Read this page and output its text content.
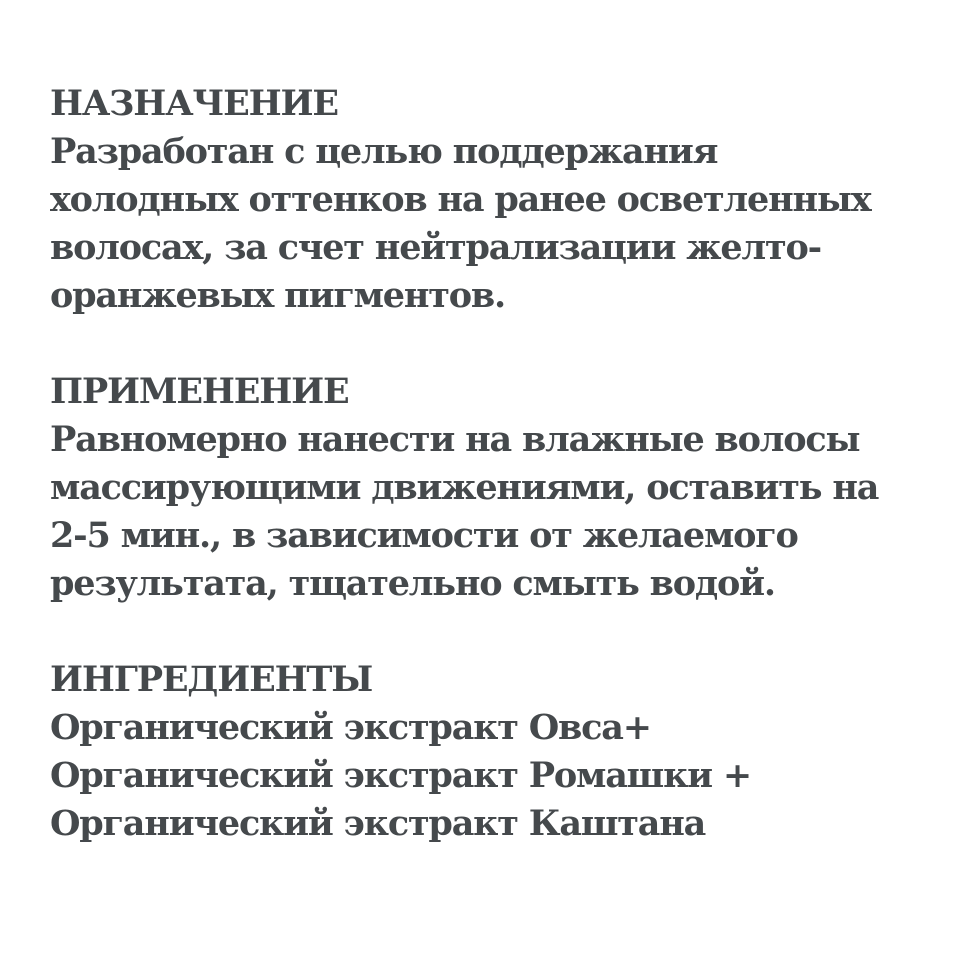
НАЗНАЧЕНИЕ
Разработан с целью поддержания
холодных оттенков на ранее осветленных
волосах, за счет нейтрализации желто-
оранжевых пигментов.
ПРИМЕНЕНИЕ
Равномерно нанести на влажные волосы
массирующими движениями, оставить на
2-5 мин., в зависимости от желаемого
результата, тщательно смыть водой.
ИНГРЕДИЕНТЫ
Органический экстракт Овса+
Органический экстракт Ромашки +
Органический экстракт Каштана
